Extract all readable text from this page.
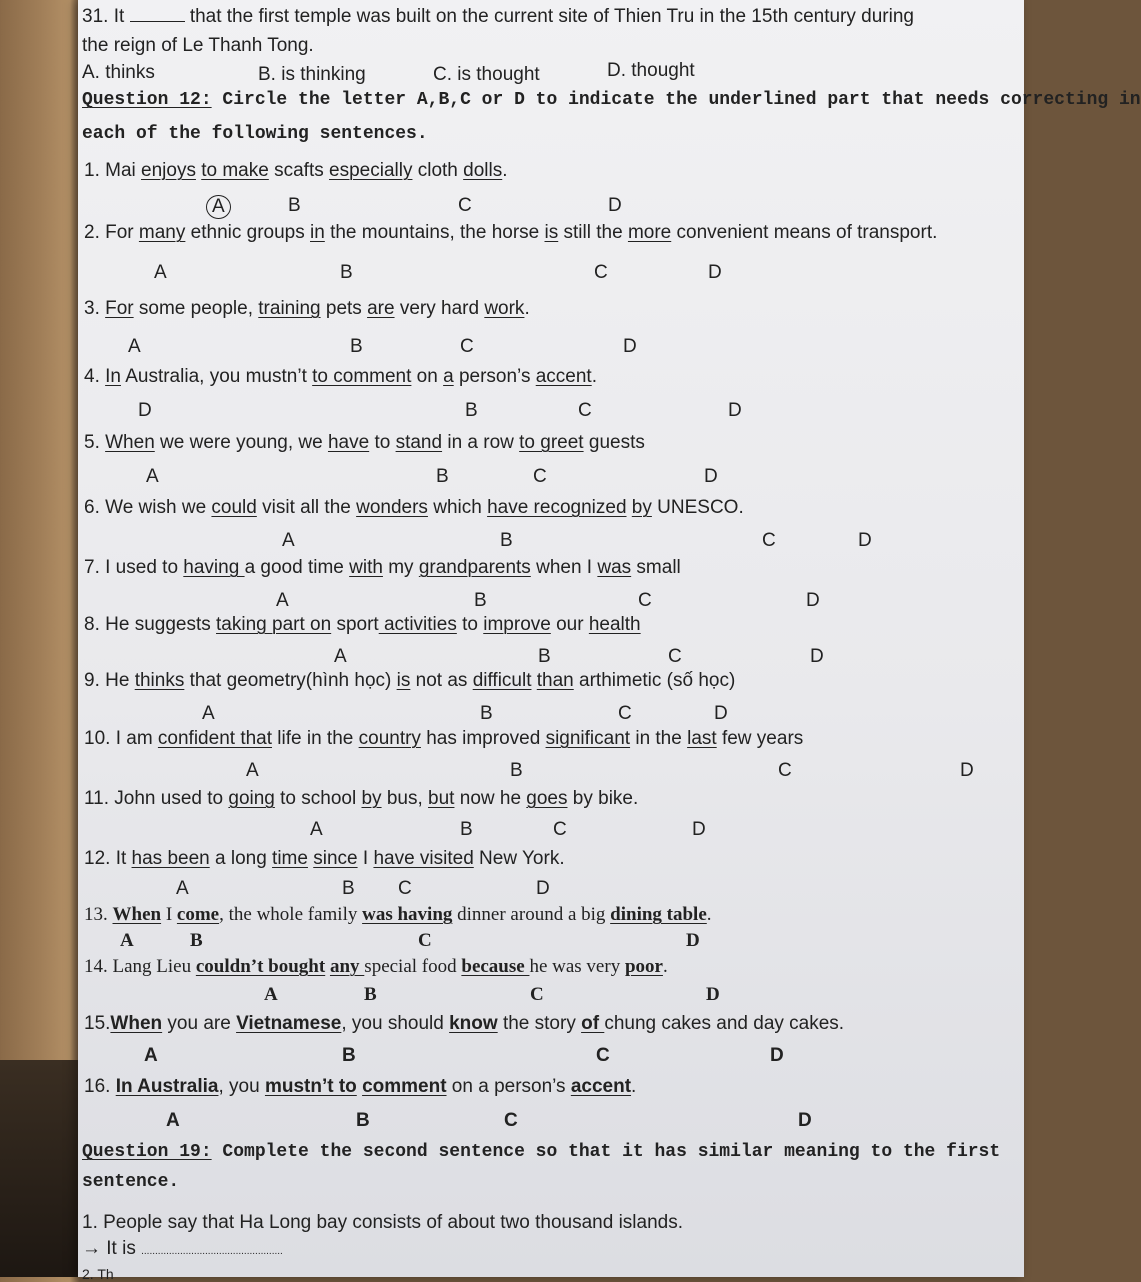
31. It	that the first temple was built on the current site of Thien Tru in the 15th century during
the reign of Le Thanh Tong.
A. thinks	B. is thinking	C. is thought	D. thought
Question 12: Circle the letter A,B,C or D to indicate the underlined part that needs correcting in
each of the following sentences.
1. Mai enjoys to make scafts especially cloth dolls.
A	B	C	D
2. For many ethnic groups in the mountains, the horse is still the more convenient means of transport.
A	B	C	D
3. For some people, training pets are very hard work.
A	B	C	D
4. In Australia, you mustn’t to comment on a person’s accent.
D	B	C	D
5. When we were young, we have to stand in a row to greet guests
A	B	C	D
6. We wish we could visit all the wonders which have recognized by UNESCO.
A	B	C	D
7. I used to having a good time with my grandparents when I was small
A	B	C	D
8. He suggests taking part on sport activities to improve our health
A	B	C	D
9. He thinks that geometry(hình học) is not as difficult than arthimetic (số học)
A	B	C	D
10. I am confident that life in the country has improved significant in the last few years
A	B	C	D
11. John used to going to school by bus, but now he goes by bike.
A	B	C	D
12. It has been a long time since I have visited New York.
A	B C	D
13. When I come, the whole family was having dinner around a big dining table.
A	B	C	D
14. Lang Lieu couldn’t bought any special food because he was very poor.
A	B	C	D
15.When you are Vietnamese, you should know the story of chung cakes and day cakes.
A	B	C	D
16. In Australia, you mustn’t to comment on a person’s accent.
A	B	C	D
Question 19: Complete the second sentence so that it has similar meaning to the first
sentence.
1. People say that Ha Long bay consists of about two thousand islands.
→ It is ...................................................
2. Th
